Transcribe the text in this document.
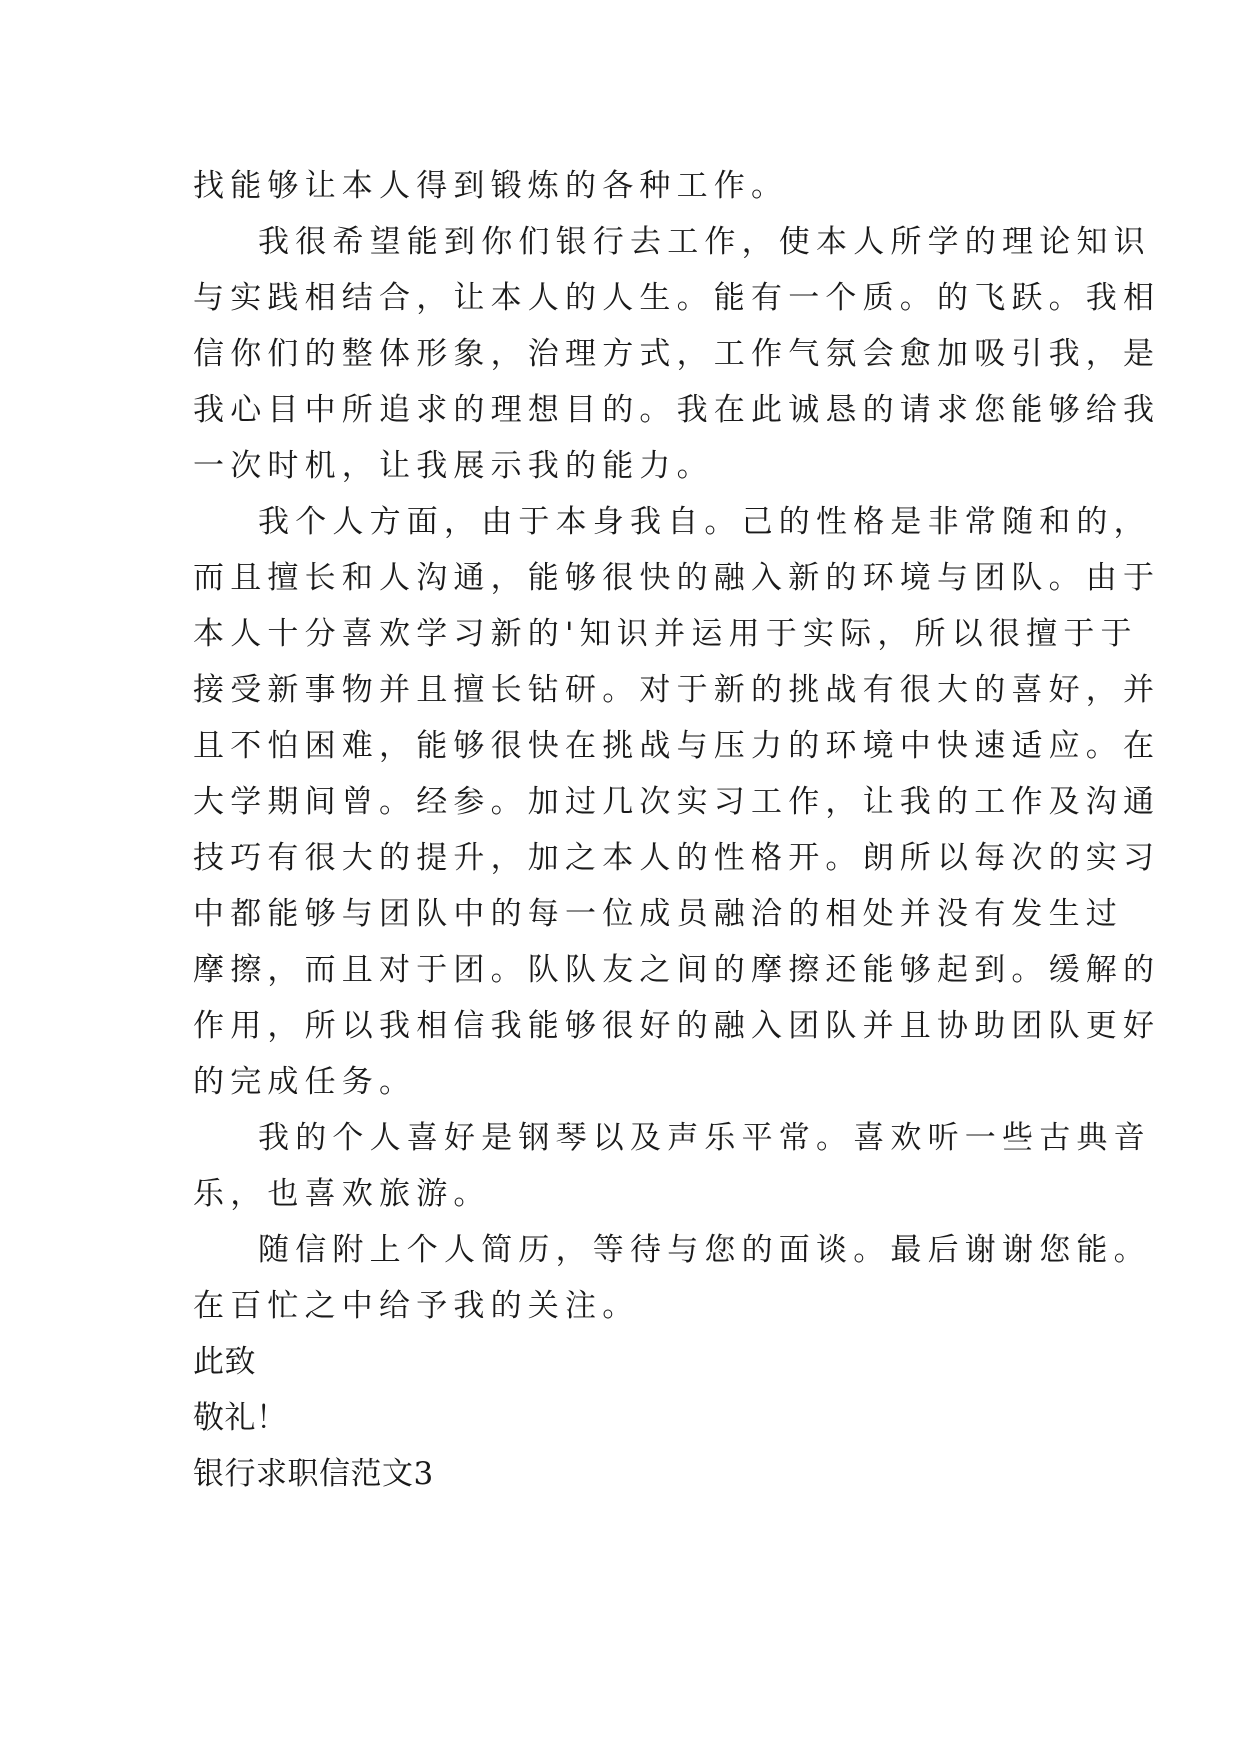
找能够让本人得到锻炼的各种工作。

我很希望能到你们银行去工作，使本人所学的理论知识

与实践相结合，让本人的人生。能有一个质。的飞跃。我相

信你们的整体形象，治理方式，工作气氛会愈加吸引我，是

我心目中所追求的理想目的。我在此诚恳的请求您能够给我

一次时机，让我展示我的能力。

我个人方面，由于本身我自。己的性格是非常随和的，

而且擅长和人沟通，能够很快的融入新的环境与团队。由于

本人十分喜欢学习新的'知识并运用于实际，所以很擅于于

接受新事物并且擅长钻研。对于新的挑战有很大的喜好，并

且不怕困难，能够很快在挑战与压力的环境中快速适应。在

大学期间曾。经参。加过几次实习工作，让我的工作及沟通

技巧有很大的提升，加之本人的性格开。朗所以每次的实习

中都能够与团队中的每一位成员融洽的相处并没有发生过

摩擦，而且对于团。队队友之间的摩擦还能够起到。缓解的

作用，所以我相信我能够很好的融入团队并且协助团队更好

的完成任务。

我的个人喜好是钢琴以及声乐平常。喜欢听一些古典音

乐，也喜欢旅游。

随信附上个人简历，等待与您的面谈。最后谢谢您能。

在百忙之中给予我的关注。

此致

敬礼！

银行求职信范文3
